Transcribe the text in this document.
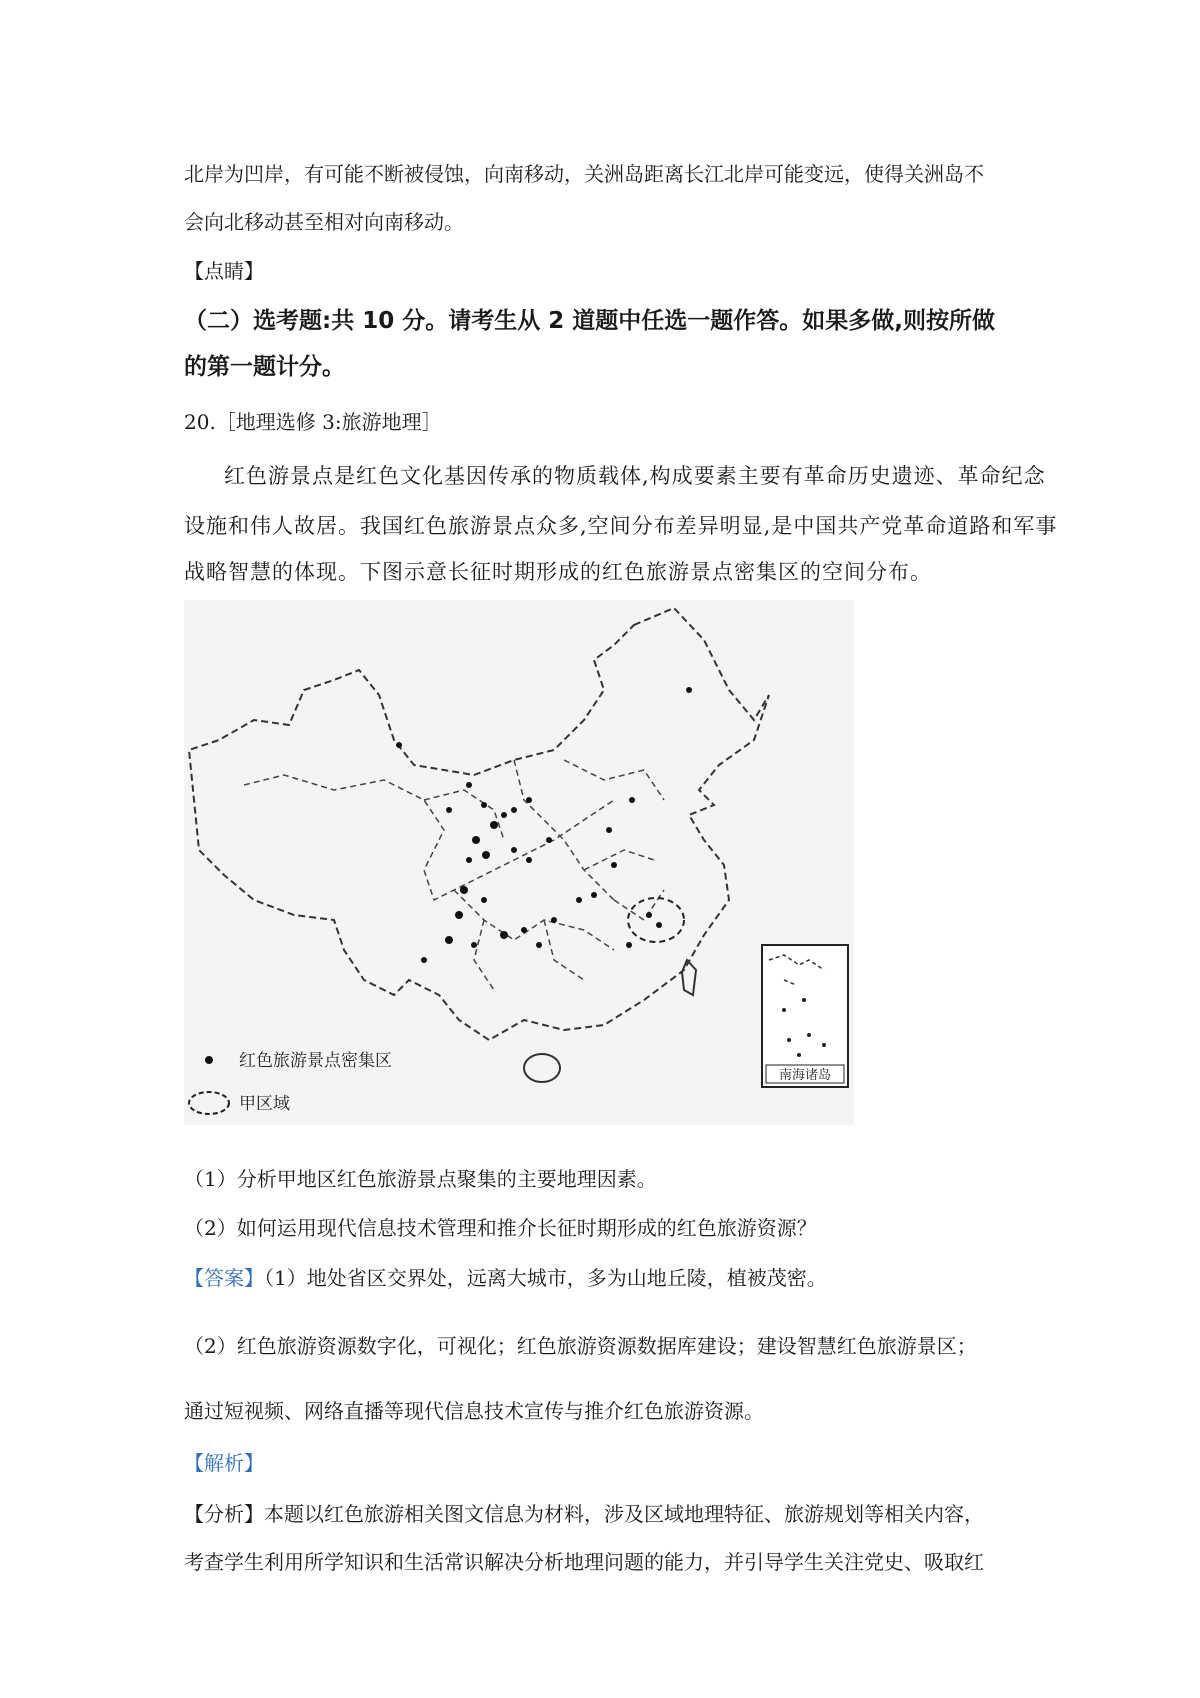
北岸为凹岸，有可能不断被侵蚀，向南移动，关洲岛距离长江北岸可能变远，使得关洲岛不
会向北移动甚至相对向南移动。
【点睛】
（二）选考题:共 10 分。请考生从 2 道题中任选一题作答。如果多做,则按所做
的第一题计分。
20.［地理选修 3:旅游地理］
红色游景点是红色文化基因传承的物质载体,构成要素主要有革命历史遗迹、革命纪念
设施和伟人故居。我国红色旅游景点众多,空间分布差异明显,是中国共产党革命道路和军事
战略智慧的体现。下图示意长征时期形成的红色旅游景点密集区的空间分布。
南海诸岛
红色旅游景点密集区
甲区域
（1）分析甲地区红色旅游景点聚集的主要地理因素。
（2）如何运用现代信息技术管理和推介长征时期形成的红色旅游资源？
【答案】（1）地处省区交界处，远离大城市，多为山地丘陵，植被茂密。
（2）红色旅游资源数字化，可视化；红色旅游资源数据库建设；建设智慧红色旅游景区；
通过短视频、网络直播等现代信息技术宣传与推介红色旅游资源。
【解析】
【分析】本题以红色旅游相关图文信息为材料，涉及区域地理特征、旅游规划等相关内容，
考查学生利用所学知识和生活常识解决分析地理问题的能力，并引导学生关注党史、吸取红
